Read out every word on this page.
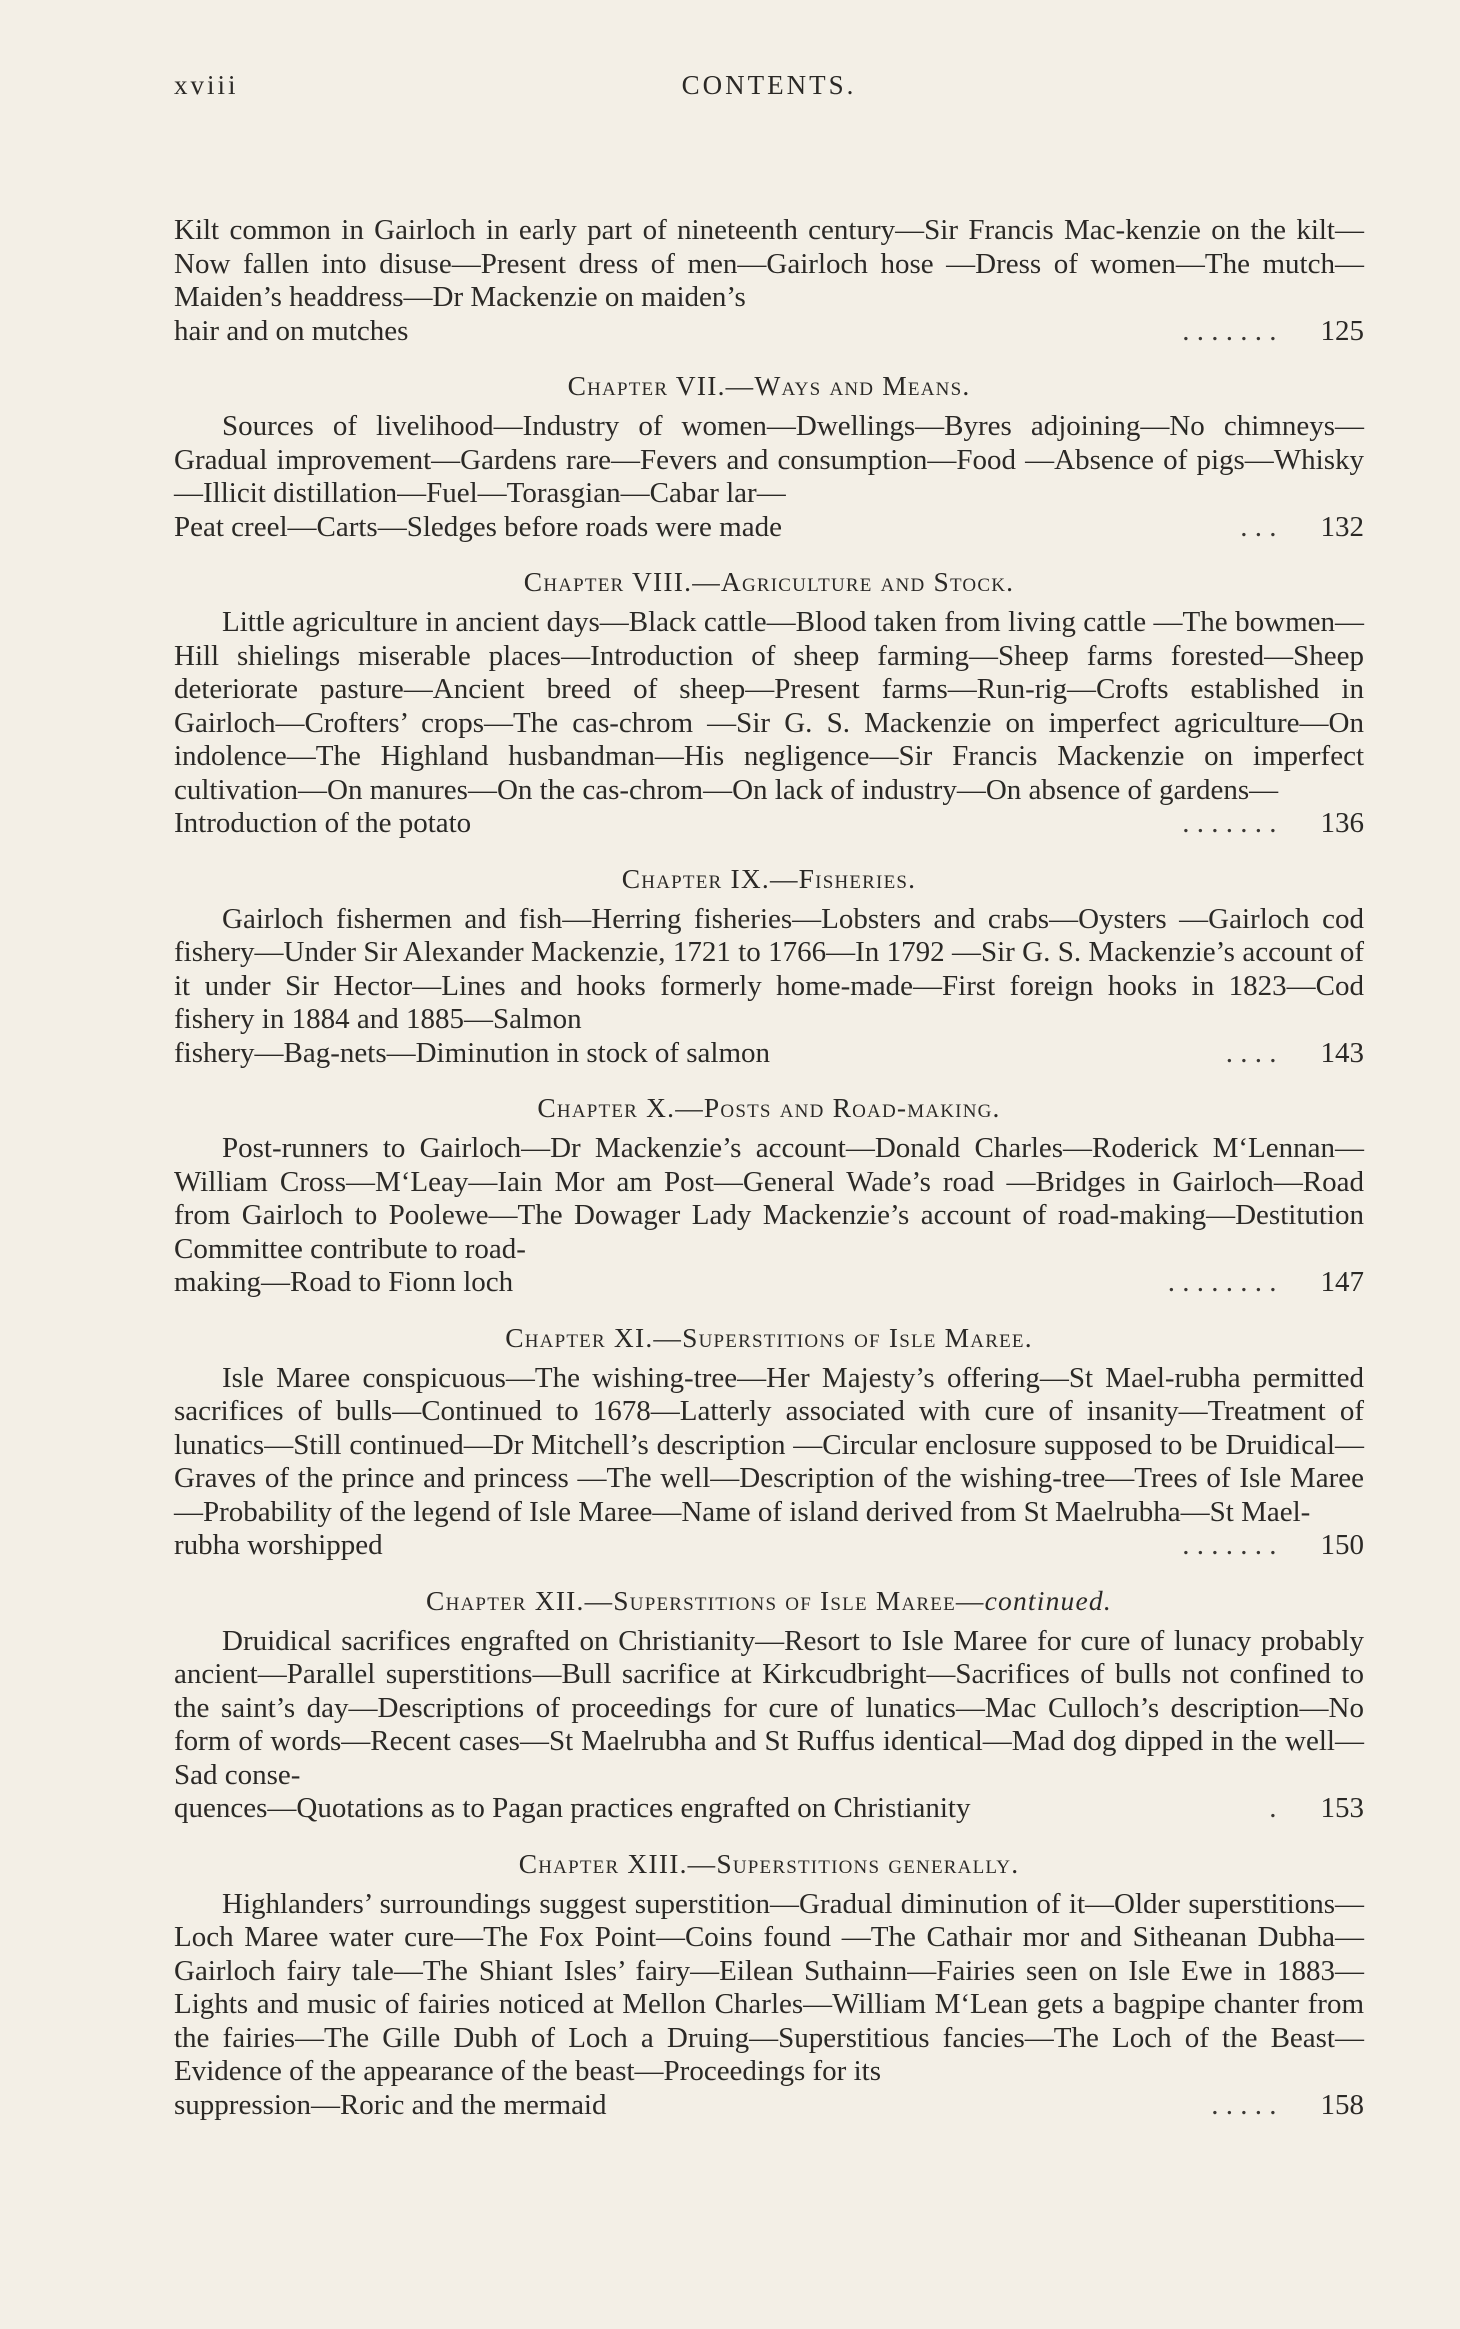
xviii	CONTENTS.
Kilt common in Gairloch in early part of nineteenth century—Sir Francis Mac-kenzie on the kilt—Now fallen into disuse—Present dress of men—Gairloch hose —Dress of women—The mutch—Maiden’s headdress—Dr Mackenzie on maiden’s
hair and on mutches	. . . . . . .	125
Chapter VII.—Ways and Means.
Sources of livelihood—Industry of women—Dwellings—Byres adjoining—No chimneys—Gradual improvement—Gardens rare—Fevers and consumption—Food —Absence of pigs—Whisky—Illicit distillation—Fuel—Torasgian—Cabar lar—
Peat creel—Carts—Sledges before roads were made	. . .	132
Chapter VIII.—Agriculture and Stock.
Little agriculture in ancient days—Black cattle—Blood taken from living cattle —The bowmen—Hill shielings miserable places—Introduction of sheep farming—Sheep farms forested—Sheep deteriorate pasture—Ancient breed of sheep—Present farms—Run-rig—Crofts established in Gairloch—Crofters’ crops—The cas-chrom —Sir G. S. Mackenzie on imperfect agriculture—On indolence—The Highland husbandman—His negligence—Sir Francis Mackenzie on imperfect cultivation—On manures—On the cas-chrom—On lack of industry—On absence of gardens—
Introduction of the potato	. . . . . . .	136
Chapter IX.—Fisheries.
Gairloch fishermen and fish—Herring fisheries—Lobsters and crabs—Oysters —Gairloch cod fishery—Under Sir Alexander Mackenzie, 1721 to 1766—In 1792 —Sir G. S. Mackenzie’s account of it under Sir Hector—Lines and hooks formerly home-made—First foreign hooks in 1823—Cod fishery in 1884 and 1885—Salmon
fishery—Bag-nets—Diminution in stock of salmon	. . . .	143
Chapter X.—Posts and Road-making.
Post-runners to Gairloch—Dr Mackenzie’s account—Donald Charles—Roderick M‘Lennan—William Cross—M‘Leay—Iain Mor am Post—General Wade’s road —Bridges in Gairloch—Road from Gairloch to Poolewe—The Dowager Lady Mackenzie’s account of road-making—Destitution Committee contribute to road-
making—Road to Fionn loch	. . . . . . . .	147
Chapter XI.—Superstitions of Isle Maree.
Isle Maree conspicuous—The wishing-tree—Her Majesty’s offering—St Mael-rubha permitted sacrifices of bulls—Continued to 1678—Latterly associated with cure of insanity—Treatment of lunatics—Still continued—Dr Mitchell’s description —Circular enclosure supposed to be Druidical—Graves of the prince and princess —The well—Description of the wishing-tree—Trees of Isle Maree—Probability of the legend of Isle Maree—Name of island derived from St Maelrubha—St Mael-
rubha worshipped	. . . . . . .	150
Chapter XII.—Superstitions of Isle Maree—continued.
Druidical sacrifices engrafted on Christianity—Resort to Isle Maree for cure of lunacy probably ancient—Parallel superstitions—Bull sacrifice at Kirkcudbright—Sacrifices of bulls not confined to the saint’s day—Descriptions of proceedings for cure of lunatics—Mac Culloch’s description—No form of words—Recent cases—St Maelrubha and St Ruffus identical—Mad dog dipped in the well—Sad conse-
quences—Quotations as to Pagan practices engrafted on Christianity	.	153
Chapter XIII.—Superstitions generally.
Highlanders’ surroundings suggest superstition—Gradual diminution of it—Older superstitions—Loch Maree water cure—The Fox Point—Coins found —The Cathair mor and Sitheanan Dubha—Gairloch fairy tale—The Shiant Isles’ fairy—Eilean Suthainn—Fairies seen on Isle Ewe in 1883—Lights and music of fairies noticed at Mellon Charles—William M‘Lean gets a bagpipe chanter from the fairies—The Gille Dubh of Loch a Druing—Superstitious fancies—The Loch of the Beast—Evidence of the appearance of the beast—Proceedings for its
suppression—Roric and the mermaid	. . . . .	158
